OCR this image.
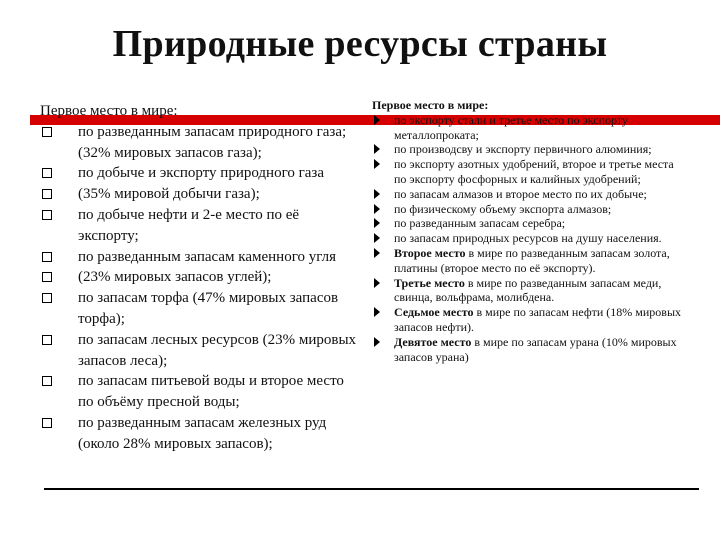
Природные ресурсы страны

Первое место в мире:

по разведанным запасам природного газа;(32% мировых запасов газа);
по добыче и экспорту природного газа
(35% мировой добычи газа);
по добыче нефти и 2-е место по её экспорту;
по разведанным запасам каменного угля
(23% мировых запасов углей);
по запасам торфа (47% мировых запасов торфа);
по запасам лесных ресурсов (23% мировых запасов леса);
по запасам питьевой воды и второе место по объёму пресной воды;
по разведанным запасам железных руд (около 28% мировых запасов);

Первое место в мире:

по экспорту стали и третье место по экспорту металлопроката;
по производсву и экспорту первичного алюминия;
по экспорту азотных удобрений, второе и третье места по экспорту фосфорных и калийных удобрений;
по запасам алмазов и второе место по их добыче;
по физическому объему экспорта алмазов;
по разведанным запасам серебра;
по запасам природных ресурсов на душу населения.
Второе место в мире по разведанным запасам золота, платины (второе место по её экспорту).
Третье место в мире по разведанным запасам меди, свинца, вольфрама, молибдена.
Седьмое место в мире по запасам нефти (18% мировых запасов нефти).
Девятое место в мире по запасам урана (10% мировых запасов урана)
